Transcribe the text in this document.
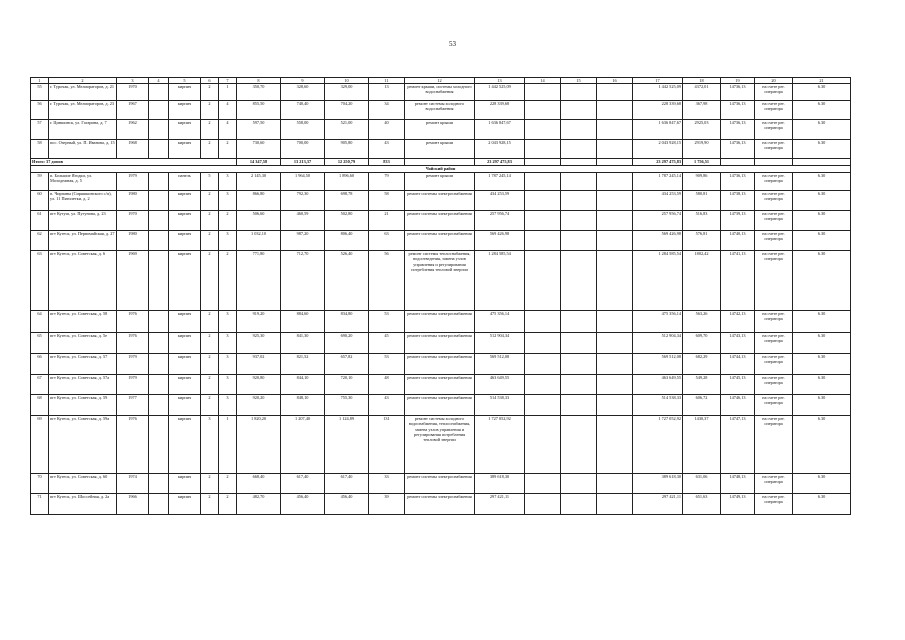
53
1	2	3	4	5	6	7	8	9	10	11	12	13	14	15	16	17	18	19	20	21
55	г. Турочак, ул. Мелиораторов, д. 21	1970		кирпич	2	1	350,70	328,60	329,00	13	ремонт крыши, системы холодного водоснабжения	1 442 525,09				1 442 525,09	4372,01	14736,13	на счете рег. оператора	6.30
56	г. Турочак, ул. Мелиораторов, д. 23	1967		кирпич	2	4	855,50	740,40	704,20	34	ремонт системы холодного водоснабжения	228 339,68				228 339,68	367,98	14736,13	на счете рег. оператора	6.30
57	г. Циншинск, ул. Гагарина, д. 7	1962		кирпич	2	4	597,50	558,00	521,00	40	ремонт крыши	1 636 847,67				1 636 847,67	2925,03	14736,13	на счете рег. оператора	6.30
58	пос. Озерный, ул. П. Иванова, д. 15	1968		кирпич	2	2	730,60	700,00	905,80	43	ремонт крыши	2 043 928,15				2 043 928,15	2919,90	14736,13	на счете рег. оператора	6.30
Итого: 37 домов							14 347,58	13 213,37	12 250,79	833		23 297 475,83				23 297 475,83	1 756,51			
Чойский район																				
59	п. Большие Ягодки, ул. Молодежная, д. 5	1979		панель	5	3	2 145,30	1 964,50	1 896,60	79	ремонт крыши	1 787 245,14				1 787 245,14	909,86	14736,13	на счете рег. оператора	6.30
60	п. Чирпаны (Сиряшкинского с/п), ул. 11 Пятилетки, д. 2	1980		кирпич	2	3	866,80	792,30	698,78	58	ремонт системы электроснабжения	434 253,59				434 253,59	580,81	14738,13	на счете рег. оператора	6.30
61	пгт Кутуш, ул. Пугунова, д. 23	1970		кирпич	2	2	506,60	460,59	502,80	21	ремонт системы электроснабжения	257 956,74				257 956,74	516,83	14739,13	на счете рег. оператора	6.30
62	пгт Кугеск, ул. Первомайская, д. 27	1980		кирпич	2	3	1 032,10	987,20	806,40	63	ремонт системы электроснабжения	569 426,98				569 426,98	576,81	14740,13	на счете рег. оператора	6.30
63	пгт Кугеск, ул. Советская, д. 6	1969		кирпич	2	2	771,80	712,70	526,40	56	ремонт системы теплоснабжения, водоотведения, замена узлов управления и регулирования потребления тепловой энергии	1 284 585,54				1 284 585,54	1802,42	14741,13	на счете рег. оператора	6.30
64	пгт Кугеск, ул. Советская, д. 58	1976		кирпич	2	3	919,20	884,60	834,80	53	ремонт системы электроснабжения	475 356,14				475 356,14	563,26	14742,13	на счете рег. оператора	6.30
65	пгт Кугеск, ул. Советская, д. 5е	1976		кирпич	2	3	925,30	841,30	690,20	45	ремонт системы электроснабжения	512 904,34				512 904,34	609,70	14743,13	на счете рег. оператора	6.30
66	пгт Кугеск, ул. Советская, д. 57	1979		кирпич	2	3	937,02	821,52	657,82	53	ремонт системы электроснабжения	569 512,08				569 512,08	682,29	14744,13	на счете рег. оператора	6.30
67	пгт Кугеск, ул. Советская, д. 57а	1979		кирпич	2	3	920,80	844,10	720,10	48	ремонт системы электроснабжения	463 649,55				463 649,55	549,28	14745,13	на счете рег. оператора	6.30
68	пгт Кугеск, ул. Советская, д. 59	1977		кирпич	2	3	920,20	848,10	755,30	43	ремонт системы электроснабжения	514 538,33				514 538,33	606,72	14746,13	на счете рег. оператора	6.30
69	пгт Кугеск, ул. Советская, д. 59а	1976		кирпич	3	1	1 820,20	1 207,40	1 124,89	131	ремонт системы холодного водоснабжения, теплоснабжения, замена узлов управления и регулирования потребления тепловой энергии	1 727 052,92				1 727 052,92	1430,37	14747,13	на счете рег. оператора	6.30
70	пгт Кугеск, ул. Советская, д. 60	1974		кирпич	2	2	668,40	617,40	617,40	33	ремонт системы электроснабжения	389 618,30				389 618,30	631,06	14748,13	на счете рег. оператора	6.30
71	пгт Кугеск, ул. Шоссейная, д. 2а	1966		кирпич	2	2	482,70	456,40	456,40	39	ремонт системы электроснабжения	297 421,11				297 421,11	651,63	14749,13	на счете рег. оператора	6.30
